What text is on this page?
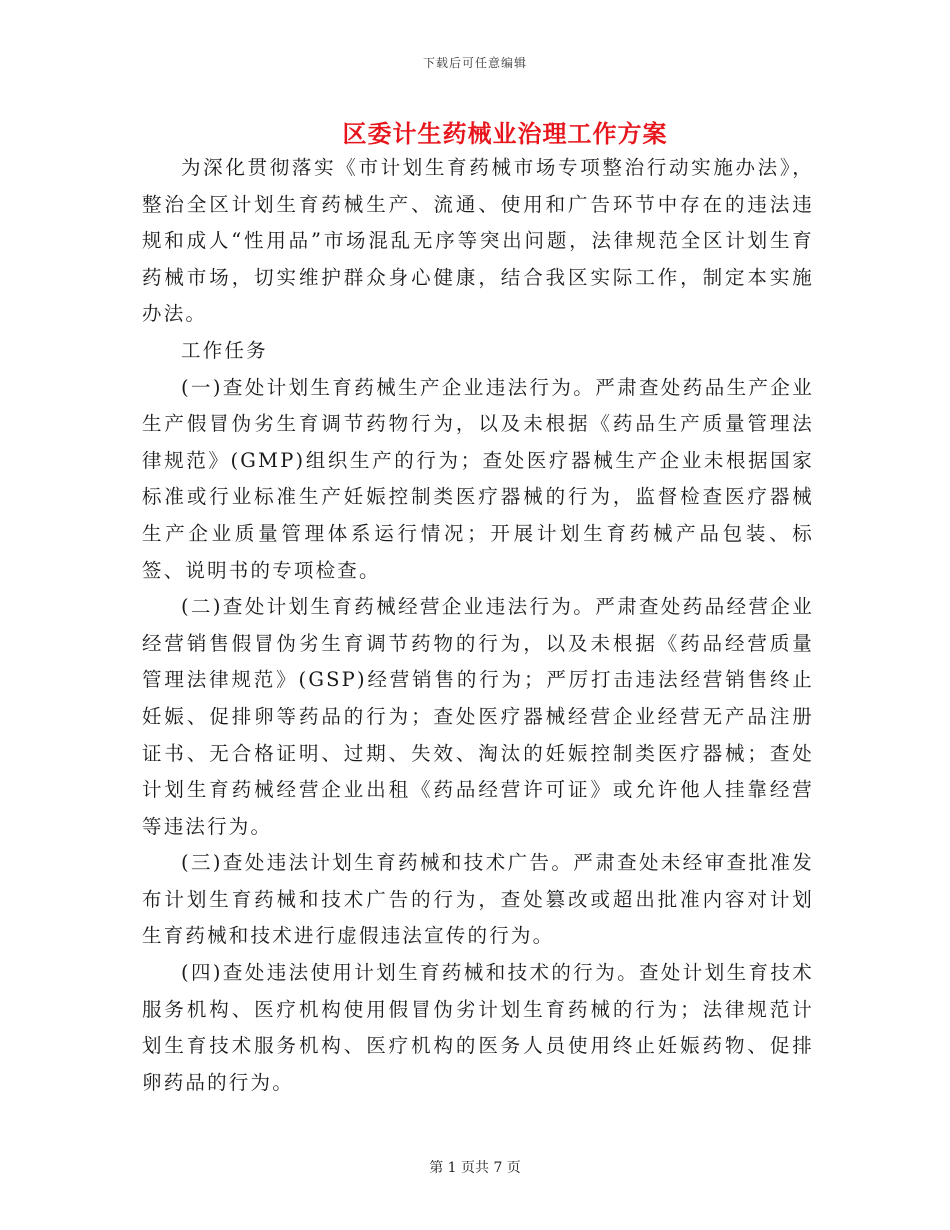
下载后可任意编辑
区委计生药械业治理工作方案

为深化贯彻落实《市计划生育药械市场专项整治行动实施办法》，整治全区计划生育药械生产、流通、使用和广告环节中存在的违法违规和成人“性用品”市场混乱无序等突出问题，法律规范全区计划生育药械市场，切实维护群众身心健康，结合我区实际工作，制定本实施办法。

工作任务

(一)查处计划生育药械生产企业违法行为。严肃查处药品生产企业生产假冒伪劣生育调节药物行为，以及未根据《药品生产质量管理法律规范》(GMP)组织生产的行为；查处医疗器械生产企业未根据国家标准或行业标准生产妊娠控制类医疗器械的行为，监督检查医疗器械生产企业质量管理体系运行情况；开展计划生育药械产品包装、标签、说明书的专项检查。

(二)查处计划生育药械经营企业违法行为。严肃查处药品经营企业经营销售假冒伪劣生育调节药物的行为，以及未根据《药品经营质量管理法律规范》(GSP)经营销售的行为；严厉打击违法经营销售终止妊娠、促排卵等药品的行为；查处医疗器械经营企业经营无产品注册证书、无合格证明、过期、失效、淘汰的妊娠控制类医疗器械；查处计划生育药械经营企业出租《药品经营许可证》或允许他人挂靠经营等违法行为。

(三)查处违法计划生育药械和技术广告。严肃查处未经审查批准发布计划生育药械和技术广告的行为，查处篡改或超出批准内容对计划生育药械和技术进行虚假违法宣传的行为。

(四)查处违法使用计划生育药械和技术的行为。查处计划生育技术服务机构、医疗机构使用假冒伪劣计划生育药械的行为；法律规范计划生育技术服务机构、医疗机构的医务人员使用终止妊娠药物、促排卵药品的行为。

第 1 页共 7 页
